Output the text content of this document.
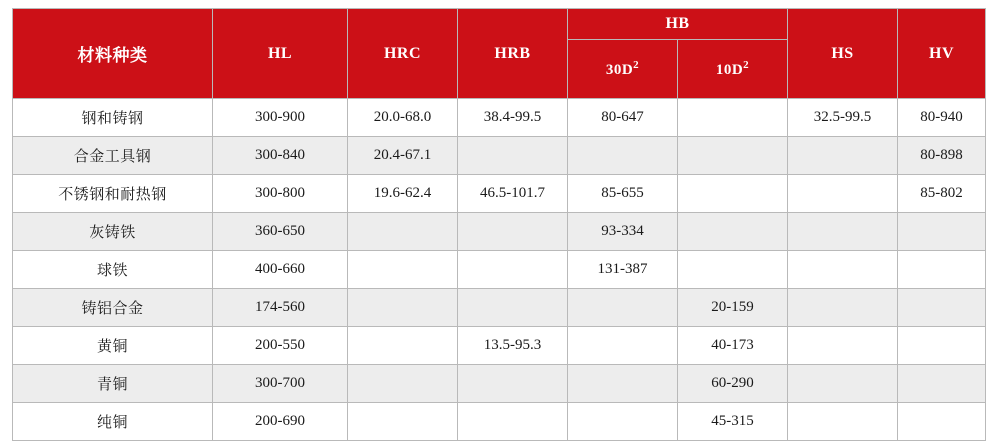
材料种类	HL	HRC	HRB	HB		HS	HV
				$30D^2$	$10D^2$
钢和铸钢	300-900	20.0-68.0	38.4-99.5	80-647		32.5-99.5	80-940
合金工具钢	300-840	20.4-67.1					80-898
不锈钢和耐热钢	300-800	19.6-62.4	46.5-101.7	85-655			85-802
灰铸铁	360-650			93-334			
球铁	400-660			131-387			
铸铝合金	174-560				20-159		
黄铜	200-550		13.5-95.3		40-173		
青铜	300-700				60-290		
纯铜	200-690				45-315		
